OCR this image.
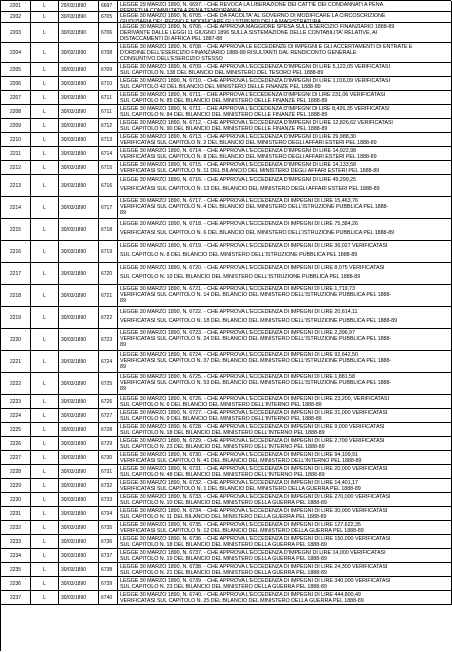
2201	L	29/03/1890	6697	LEGGE 29 MARZO 1890, N. 6697. - CHE REVOCA LA LIBERAZIONE DEI CATTIE DEI CONDANNATI A PENA
PERPETUA COMMUTATA A PENA TEMPORANEA
2202	L	30/03/1890	6705	LEGGE 30 MARZO 1890, N. 6705. - CHE DA FACOLTA' AL GOVERNO DI MODIFICARE LA CIRCOSCRIZIONE
GIUDIZIARIA DEL REGNO E MODIFICARE GLI STIPENDI DELLA MAGISTRATURA
2203	L	30/03/1890	6706
LEGGE 30 MARZO 1890, N. 6706. - CHE APPROVA MAGGIORE SPESA SULL'ESERCIZIO FINANZIARIO 1888-89
DERIVANTE DALLE LEGGI 11 GIUGNO 1896 SULLA SISTEMAZIONE DELLE CONTABILITA' RELATIVE, AI
DISTACCAMENTI DI AFRICA PEL 1887-88
2204	L	30/03/1890	6708
LEGGE 30 MARZO 1890, N. 6708. - CHE APPROVA LE ECCEDENZE DI IMPEGNI E GLI ACCERTAMENTI DI ENTRATE E
D'ORDINE DELL'ESERCIZIO FINANZIARIO 1888-89 RISULTANTI DAL RENDICONTO GENERALE
CONSUNTIVO DELL'ESERCIZIO STESSO
2205	L	30/03/1890	6709	LEGGE 30 MARZO 1890, N. 6709. - CHE APPROVA L'ECCEDENZA D'IMPEGNI DI LIRE 5,122,05 VERIFICATASI
SUL CAPITOLO N. 138 DEL BILANCIO DEL MINISTERO DEL TESORO PEL 1888-89
2206	L	30/03/1890	6710	LEGGE 30 MARZO 1890, N. 6710. - CHE APPROVA L'ECCEDENZA D'IMPEGNI DI LIRE 1,016,09 VERIFICATASI
SUL CAPITOLO 42 DEL BILANCIO DEL MINISTERO DELLE FINANZE PEL 1888-89
2207	L	30/03/1890	6711	LEGGE 30 MARZO 1890, N. 6711. - CHE APPROVA L'ECCEDENZA D'IMPEGNI DI LIRE 231,06 VERIFICATASI
SUL CAPITOLO N. 85 DEL BILANCIO DEL MINISTERO DELLE FINANZE PEL 1888-89
2208	L	30/03/1890	6711	LEGGE 30 MARZO 1890, N. 6711. - CHE APPROVA L'ECCEDENZA D'IMPEGNI DI LIRE 8,426,35 VERIFICATASI
SUL CAPITOLO N. 84 DEL BILANCIO DEL MINISTERO DELLE FINANZE PEL 1888-89
2209	L	30/03/1890	6712	LEGGE 30 MARZO 1890, N. 6712. - CHE APPROVA L'ECCEDENZA D'IMPEGNI DI LIRE 12,826,62 VERIFICATASI
SUL CAPITOLO N. 90 DEL BILANCIO DEL MINISTERO DELLE FINANZE PEL 1888-89
2210	L	30/03/1890	6713	LEGGE 30 MARZO 1890, N. 6713. - CHE APPROVA L'ECCEDENZA D'IMPEGNI DI LIRE 29,988,30
VERIFICATASI SUL CAPITOLO N. 2 DEL BILANCIO DEL MINISTERO DEGLI AFFARI ESTERI PEL 1888-89
2211	L	30/03/1890	6714	LEGGE 30 MARZO 1890, N. 6714. - CHE APPROVA L'ECCEDENZA D'IMPEGNI DI LIRE 14,922,98
VERIFICATASI SUL CAPITOLO N. 8 DEL BILANCIO DEL MINISTERO DEGLI AFFARI ESTERI PEL 1888-89
2212	L	30/03/1890	6715	LEGGE 30 MARZO 1890, N. 6715. - CHE APPROVA L'ECCEDENZA D'IMPEGNI DI LIRE 14,133,58
VERIFICATASI SUL CAPITOLO N. 11 DEL BILANCIO DEL MINISTERO DEGLI AFFARI ESTERI PEL 1888-89
2213	L	30/03/1890	6716
LEGGE 30 MARZO 1890, N. 6716. - CHE APPROVA L'ECCEDENZA D'IMPEGNI DI LIRE 49,299,25
VERIFICATASI SUL CAPITOLO N. 13 DEL BILANCIO DEL MINISTERO DEGLI AFFARI ESTERI PEL 1888-89
2214	L	30/03/1890	6717
LEGGE 30 MARZO 1890, N. 6717. - CHE APPROVA L'ECCEDENZA DI IMPEGNI DI LIRE 15,463,76
VERIFICATASI SUL CAPITOLO N. 4 DEL BILANCIO DEL MINISTERO DELL'ISTRUZIONE PUBBLICA PEL 1888-
89
2215	L	30/03/1890	6718
LEGGE 30 MARZO 1890, N. 6718. - CHE APPROVA L'ECCEDENZA DI IMPEGNI DI LIRE 75,384,26
VERIFICATASI SUL CAPITOLO N. 6 DEL BILANCIO DEL MINISTERO DELL'ISTRUZIONE PUBBLICA PEL 1888-89
2216	L	30/03/1890	6719
LEGGE 30 MARZO 1890, N. 6719. - CHE APPROVA L'ECCEDENZA DI IMPEGNI DI LIRE 36,027 VERIFICATASI
SUL CAPITOLO N. 8 DEL BILANCIO DEL MINISTERO DELL'ISTRUZIONE PUBBLICA PEL 1888-89
2217	L	30/03/1890	6720
LEGGE 30 MARZO 1890, N. 6720. - CHE APPROVA L'ECCEDENZA DI IMPEGNI DI LIRE 8,075 VERIFICATASI
SUL CAPITOLO N. 10 DEL BILANCIO DEL MINISTERO DELL'ISTRUZIONE PUBBLICA PEL 1888-89
2218	L	30/03/1890	6721
LEGGE 30 MARZO 1890, N. 6721. - CHE APPROVA L'ECCEDENZA DI IMPEGNI DI LIRE 1,719,73
VERIFICATASI SUL CAPITOLO N. 14 DEL BILANCIO DEL MINISTERO DELL'ISTRUZIONE PUBBLICA PEL 1888-
89
2219	L	30/03/1890	6722
LEGGE 30 MARZO 1890, N. 6722. - CHE APPROVA L'ECCEDENZA DI IMPEGNI DI LIRE 20,614,11
VERIFICATASI SUL CAPITOLO N. 18 DEL BILANCIO DEL MINISTERO DELL'ISTRUZIONE PUBBLICA PEL 1888-89
2220	L	30/03/1890	6723
LEGGE 30 MARZO 1890, N. 6723. - CHE APPROVA L'ECCEDENZA DI IMPEGNI DI LIRE 2,396,97
VERIFICATASI SUL CAPITOLO N. 24 DEL BILANCIO DEL MINISTERO DELL'ISTRUZIONE PUBBLICA PEL 1888-
89
2221	L	30/03/1890	6724
LEGGE 30 MARZO 1890, N. 6724. - CHE APPROVA L'ECCEDENZA DI IMPEGNI DI LIRE 92,642,50
VERIFICATASI SUL CAPITOLO N. 37 DEL BILANCIO DEL MINISTERO DELL'ISTRUZIONE PUBBLICA PEL 1888-
89
2222	L	30/03/1890	6725
LEGGE 30 MARZO 1890, N. 6725. - CHE APPROVA L'ECCEDENZA DI IMPEGNI DI LIRE 1,881,58
VERIFICATASI SUL CAPITOLO N. 53 DEL BILANCIO DEL MINISTERO DELL'ISTRUZIONE PUBBLICA PEL 1888-
89
2223	L	30/03/1890	6726	LEGGE 30 MARZO 1890, N. 6726. - CHE APPROVA L'ECCEDENZA DI IMPEGNI DI LIRE 23,200, VERIFICATASI
SUL CAPITOLO N. 6 DEL BILANCIO DEL MINISTERO DELL'INTERNO PEL 1888-89
2224	L	30/03/1890	6727	LEGGE 30 MARZO 1890, N. 6727. - CHE APPROVA L'ECCEDENZA DI IMPEGNI DI LIRE 31,000 VERIFICATASI
SUL CAPITOLO N. 9 DEL BILANCIO DEL MINISTERO DELL'INTERNO PEL 1888-89
2225	L	30/03/1890	6728	LEGGE 30 MARZO 1890, N. 6728. - CHE APPROVA L'ECCEDENZA DI IMPEGNI DI LIRE 9,000 VERIFICATASI
SUL CAPITOLO N. 18 DEL BILANCIO DEL MINISTERO DELL'INTERNO PEL 1888-89
2226	L	30/03/1890	6729	LEGGE 30 MARZO 1890, N. 6729. - CHE APPROVA L'ECCEDENZA DI IMPEGNI DI LIRE 2,700 VERIFICATASI
SUL CAPITOLO N. 23 DEL BILANCIO DEL MINISTERO DELL'INTERNO PEL 1888-89
2227	L	30/03/1890	6730	LEGGE 30 MARZO 1890, N. 6730. - CHE APPROVA L'ECCEDENZA DI IMPEGNI DI LIRE 94,109,91
VERIFICATASI SUL CAPITOLO N. 41 DEL BILANCIO DEL MINISTERO DELL'INTERNO PEL 1888-89
2228	L	30/03/1890	6731	LEGGE 30 MARZO 1890, N. 6731. - CHE APPROVA L'ECCEDENZA DI IMPEGNI DI LIRE 20,000 VERIFICATASI
SUL CAPITOLO N. 48 DEL BILANCIO DEL MINISTERO DELL'INTERNO PEL 1888-89
2229	L	30/03/1890	6732	LEGGE 30 MARZO 1890, N. 6732. - CHE APPROVA L'ECCEDENZA DI IMPEGNI DI LIRE 14,401,17
VERIFICATASI SUL CAPITOLO N. 1 DEL BILANCIO DEL MINISTERO DELLA GUERRA PEL 1888-89
2230	L	30/03/1890	6733	LEGGE 30 MARZO 1890, N. 6733. - CHE APPROVA L'ECCEDENZA DI IMPEGNI DI LIRE 270,000 VERIFICATASI
SUL CAPITOLO N. 10 DEL BILANCIO DEL MINISTERO DELLA GUERRA PEL 1888-89
2231	L	30/03/1890	6734	LEGGE 30 MARZO 1890, N. 6734. - CHE APPROVA L'ECCEDENZA DI IMPEGNI DI LIRE 30,000 VERIFICATASI
SUL CAPITOLO N. 11 DEL BILANCIO DEL MINISTERO DELLA GUERRA PEL 1888-89
2232	L	30/03/1890	6735	LEGGE 30 MARZO 1890, N. 6735. - CHE APPROVA L'ECCEDENZA DI IMPEGNI DI LIRE 127,622,35
VERIFICATASI SUL CAPITOLO N. 12 DEL BILANCIO DEL MINISTERO DELLA GUERRA PEL 1888-89
2233	L	30/03/1890	6736	LEGGE 30 MARZO 1890, N. 6736. - CHE APPROVA L'ECCEDENZA DI IMPEGNI DI LIRE 150,000 VERIFICATASI
SUL CAPITOLO N. 18 DEL BILANCIO DEL MINISTERO DELLA GUERRA PEL 1888-89
2234	L	30/03/1890	6737	LEGGE 30 MARZO 1890, N. 6737. - CHE APPROVA L'ECCEDENZA D'IMPEGNI DI LIRE 14,000 VERIFICATASI
SUL CAPITOLO N. 19 DEL BILANCIO DEL MINISTERO DELLA GUERRA PEL 1888-89
2235	L	30/03/1890	6738	LEGGE 30 MARZO 1890, N. 6738. - CHE APPROVA L'ECCEDENZA DI IMPEGNI DI LIRE 24,300 VERIFICATASI
SUL CAPITOLO N. 21 DEL BILANCIO DEL MINISTERO DELLA GUERRA PEL 1888-89
2236	L	30/03/1890	6739	LEGGE 30 MARZO 1890, N. 6739. - CHE APPROVA L'ECCEDENZA DI IMPEGNI DI LIRE 340,000 VERIFICATASI
SUL CAPITOLO N. 23 DEL BILANCIO DEL MINISTERO DELLA GUERRA PEL 1888-89
2237	L	30/03/1890	6740	LEGGE 30 MARZO 1890, N. 6740. - CHE APPROVA L'ECCEDENZA DI IMPEGNI DI LIRE 444,800,49
VERIFICATASI SUL CAPITOLO N. 25 DEL BILANCIO DEL MINISTERO DELLA GUERRA PEL 1888-89
